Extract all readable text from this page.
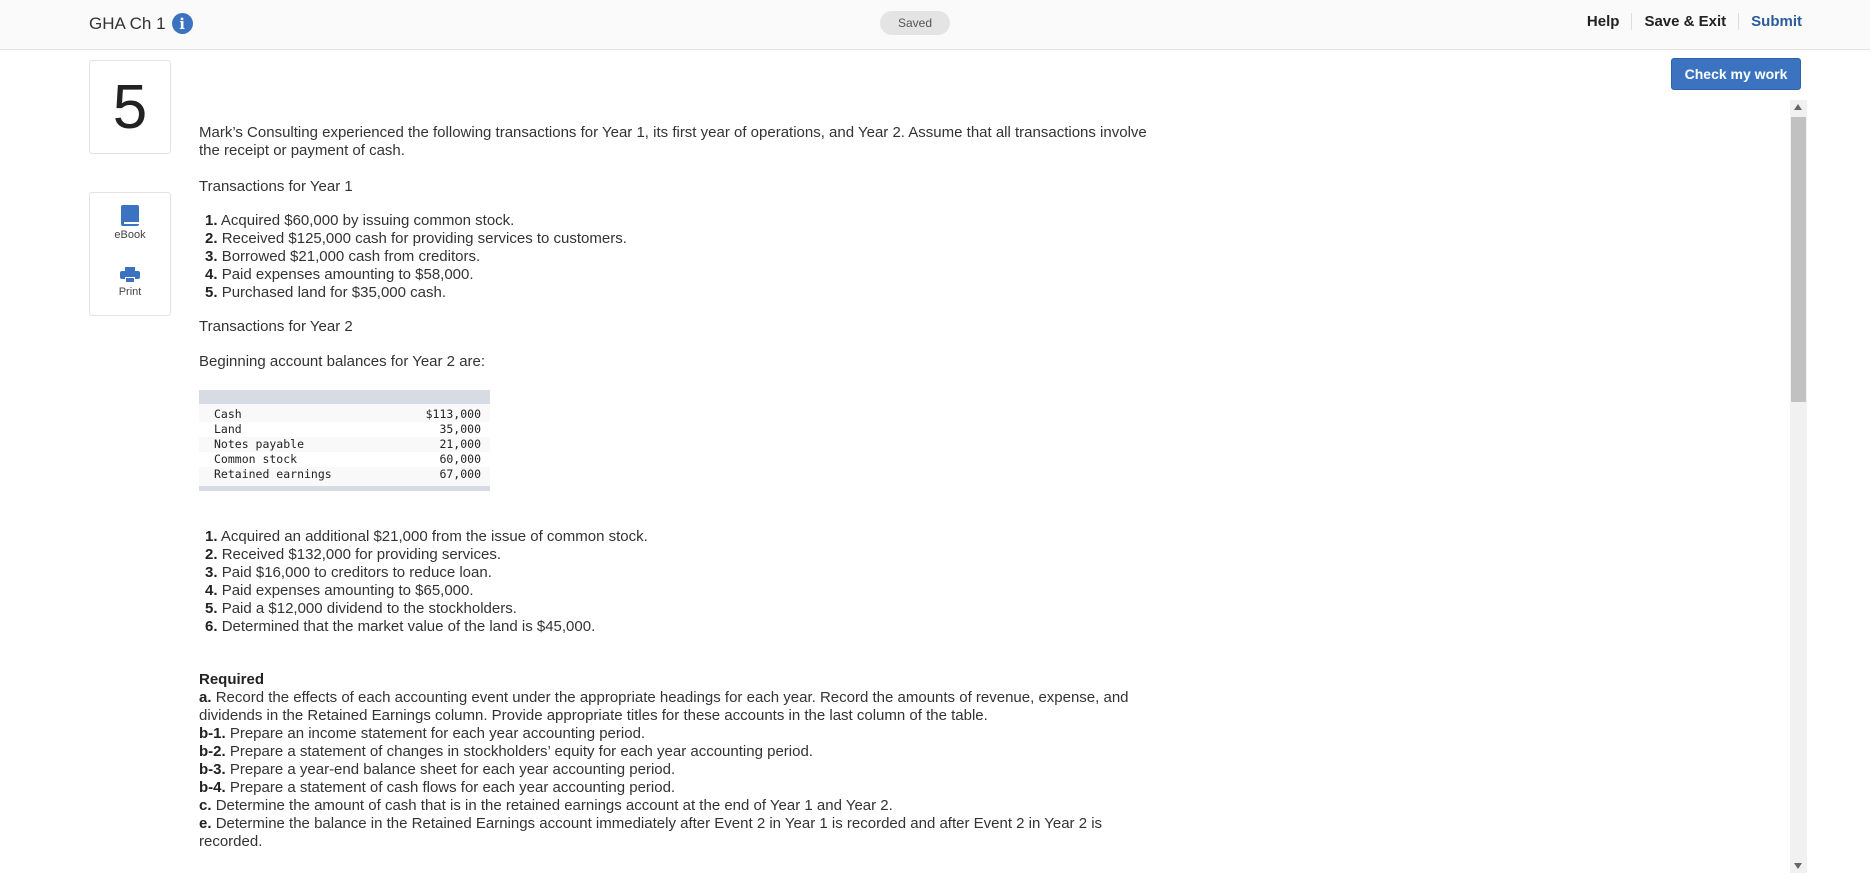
GHA Ch 1 i	Saved	Help	Save & Exit	Submit
5
eBook
Print
Check my work

Mark’s Consulting experienced the following transactions for Year 1, its first year of operations, and Year 2. Assume that all transactions involve the receipt or payment of cash.

Transactions for Year 1

1. Acquired $60,000 by issuing common stock.
2. Received $125,000 cash for providing services to customers.
3. Borrowed $21,000 cash from creditors.
4. Paid expenses amounting to $58,000.
5. Purchased land for $35,000 cash.

Transactions for Year 2

Beginning account balances for Year 2 are:

Cash	$113,000
Land	35,000
Notes payable	21,000
Common stock	60,000
Retained earnings	67,000
1. Acquired an additional $21,000 from the issue of common stock.
2. Received $132,000 for providing services.
3. Paid $16,000 to creditors to reduce loan.
4. Paid expenses amounting to $65,000.
5. Paid a $12,000 dividend to the stockholders.
6. Determined that the market value of the land is $45,000.

Required

a. Record the effects of each accounting event under the appropriate headings for each year. Record the amounts of revenue, expense, and dividends in the Retained Earnings column. Provide appropriate titles for these accounts in the last column of the table.
b-1. Prepare an income statement for each year accounting period.
b-2. Prepare a statement of changes in stockholders’ equity for each year accounting period.
b-3. Prepare a year-end balance sheet for each year accounting period.
b-4. Prepare a statement of cash flows for each year accounting period.
c. Determine the amount of cash that is in the retained earnings account at the end of Year 1 and Year 2.
e. Determine the balance in the Retained Earnings account immediately after Event 2 in Year 1 is recorded and after Event 2 in Year 2 is recorded.
